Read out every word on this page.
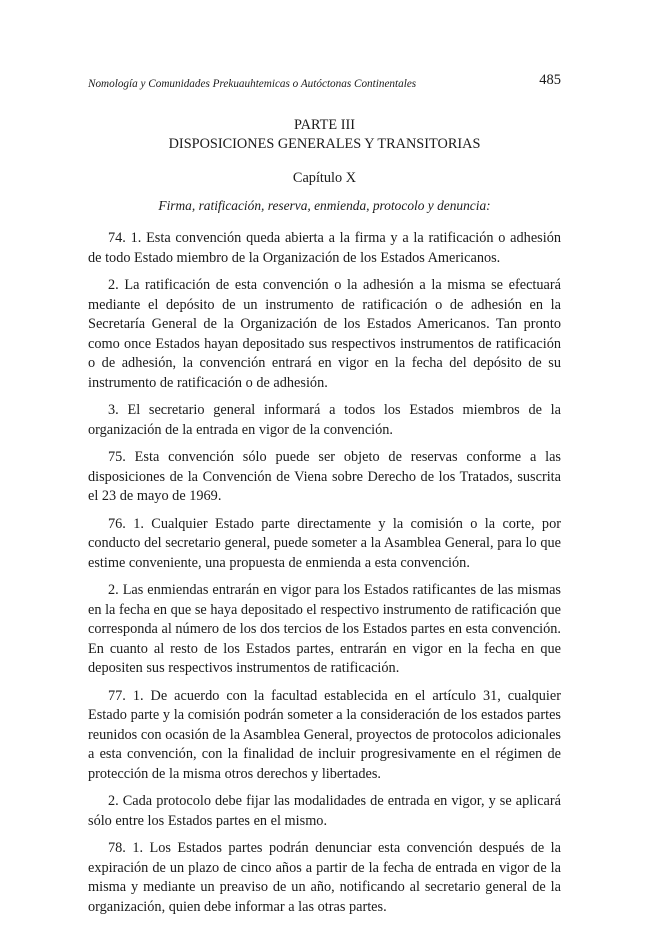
Nomología y Comunidades Prekuauhtemicas o Autóctonas Continentales	485

PARTE III

DISPOSICIONES GENERALES Y TRANSITORIAS

Capítulo X

Firma, ratificación, reserva, enmienda, protocolo y denuncia:

74. 1. Esta convención queda abierta a la firma y a la ratificación o adhesión de todo Estado miembro de la Organización de los Estados Americanos.

2. La ratificación de esta convención o la adhesión a la misma se efectuará mediante el depósito de un instrumento de ratificación o de adhesión en la Secretaría General de la Organización de los Estados Americanos. Tan pronto como once Estados hayan depositado sus respectivos instrumentos de ratificación o de adhesión, la convención entrará en vigor en la fecha del depósito de su instrumento de ratificación o de adhesión.

3. El secretario general informará a todos los Estados miembros de la organización de la entrada en vigor de la convención.

75. Esta convención sólo puede ser objeto de reservas conforme a las disposiciones de la Convención de Viena sobre Derecho de los Tratados, suscrita el 23 de mayo de 1969.

76. 1. Cualquier Estado parte directamente y la comisión o la corte, por conducto del secretario general, puede someter a la Asamblea General, para lo que estime conveniente, una propuesta de enmienda a esta convención.

2. Las enmiendas entrarán en vigor para los Estados ratificantes de las mismas en la fecha en que se haya depositado el respectivo instrumento de ratificación que corresponda al número de los dos tercios de los Estados partes en esta convención. En cuanto al resto de los Estados partes, entrarán en vigor en la fecha en que depositen sus respectivos instrumentos de ratificación.

77. 1. De acuerdo con la facultad establecida en el artículo 31, cualquier Estado parte y la comisión podrán someter a la consideración de los estados partes reunidos con ocasión de la Asamblea General, proyectos de protocolos adicionales a esta convención, con la finalidad de incluir progresivamente en el régimen de protección de la misma otros derechos y libertades.

2. Cada protocolo debe fijar las modalidades de entrada en vigor, y se aplicará sólo entre los Estados partes en el mismo.

78. 1. Los Estados partes podrán denunciar esta convención después de la expiración de un plazo de cinco años a partir de la fecha de entrada en vigor de la misma y mediante un preaviso de un año, notificando al secretario general de la organización, quien debe informar a las otras partes.
